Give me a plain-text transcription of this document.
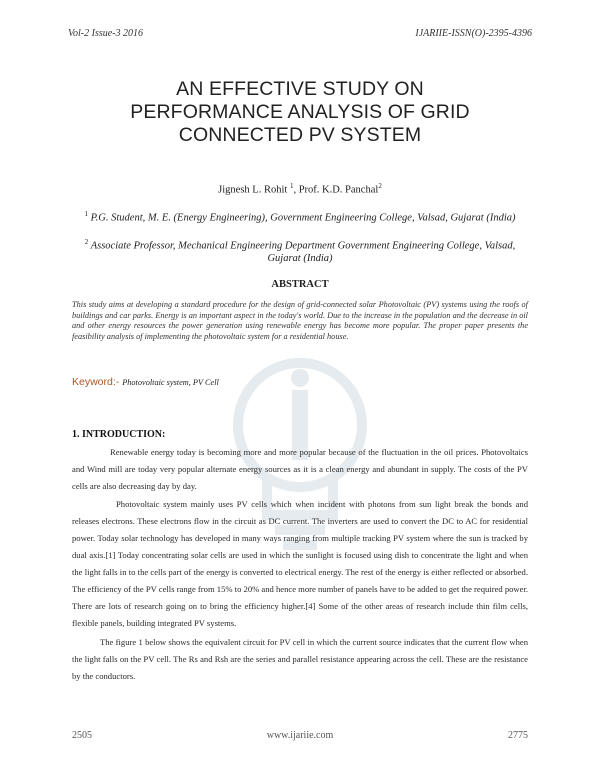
Vol-2 Issue-3 2016	IJARIIE-ISSN(O)-2395-4396
AN EFFECTIVE STUDY ON
PERFORMANCE ANALYSIS OF GRID
CONNECTED PV SYSTEM
Jignesh L. Rohit $^1$, Prof. K.D. Panchal$^2$
$^1$ P.G. Student, M. E. (Energy Engineering), Government Engineering College, Valsad, Gujarat (India)
$^2$ Associate Professor, Mechanical Engineering Department Government Engineering College, Valsad, Gujarat (India)
ABSTRACT
This study aims at developing a standard procedure for the design of grid-connected solar Photovoltaic (PV) systems using the roofs of buildings and car parks. Energy is an important aspect in the today's world. Due to the increase in the population and the decrease in oil and other energy resources the power generation using renewable energy has become more popular. The proper paper presents the feasibility analysis of implementing the photovoltaic system for a residential house.
Keyword:- Photovoltaic system, PV Cell
1. INTRODUCTION:
Renewable energy today is becoming more and more popular because of the fluctuation in the oil prices. Photovoltaics and Wind mill are today very popular alternate energy sources as it is a clean energy and abundant in supply. The costs of the PV cells are also decreasing day by day.
Photovoltaic system mainly uses PV cells which when incident with photons from sun light break the bonds and releases electrons. These electrons flow in the circuit as DC current. The inverters are used to convert the DC to AC for residential power. Today solar technology has developed in many ways ranging from multiple tracking PV system where the sun is tracked by dual axis.[1] Today concentrating solar cells are used in which the sunlight is focused using dish to concentrate the light and when the light falls in to the cells part of the energy is converted to electrical energy. The rest of the energy is either reflected or absorbed. The efficiency of the PV cells range from 15% to 20% and hence more number of panels have to be added to get the required power. There are lots of research going on to bring the efficiency higher.[4] Some of the other areas of research include thin film cells, flexible panels, building integrated PV systems.
The figure 1 below shows the equivalent circuit for PV cell in which the current source indicates that the current flow when the light falls on the PV cell. The Rs and Rsh are the series and parallel resistance appearing across the cell. These are the resistance by the conductors.
2505	www.ijariie.com	2775
